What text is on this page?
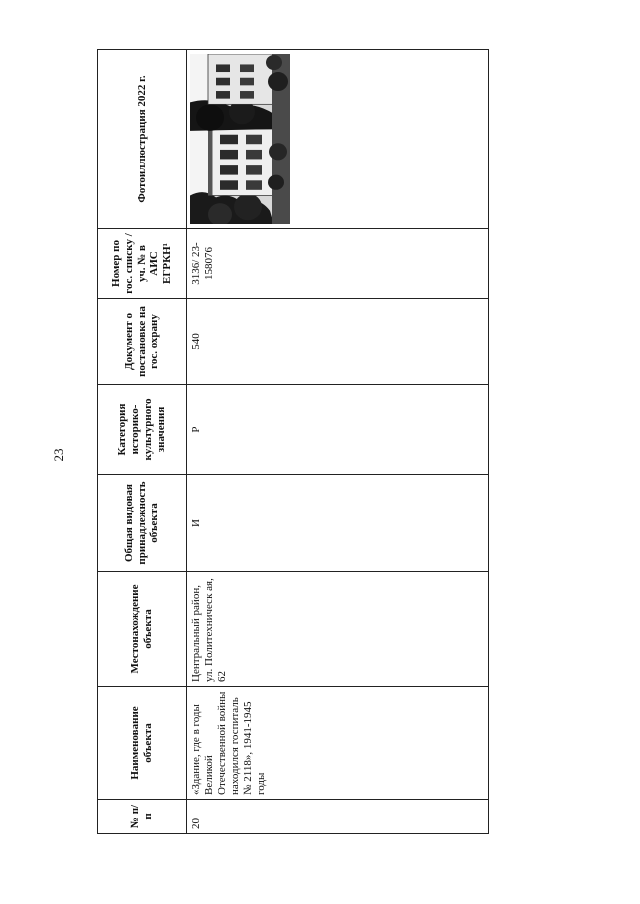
23
№ п/п	Наименование объекта	Местонахождение объекта	Общая видовая принадлежность объекта	Категория историко-культурного значения	Документ о постановке на гос. охрану	Номер по гос. списку /уч. № в АИС ЕГРКН¹	Фотоиллюстрация 2022 г.
20	«Здание, где в годы Великой Отечественной войны находился госпиталь № 2118», 1941-1945 годы	Центральный район, ул. Политехническ ая, 62	И	Р	540	3136/ 23-158076	
